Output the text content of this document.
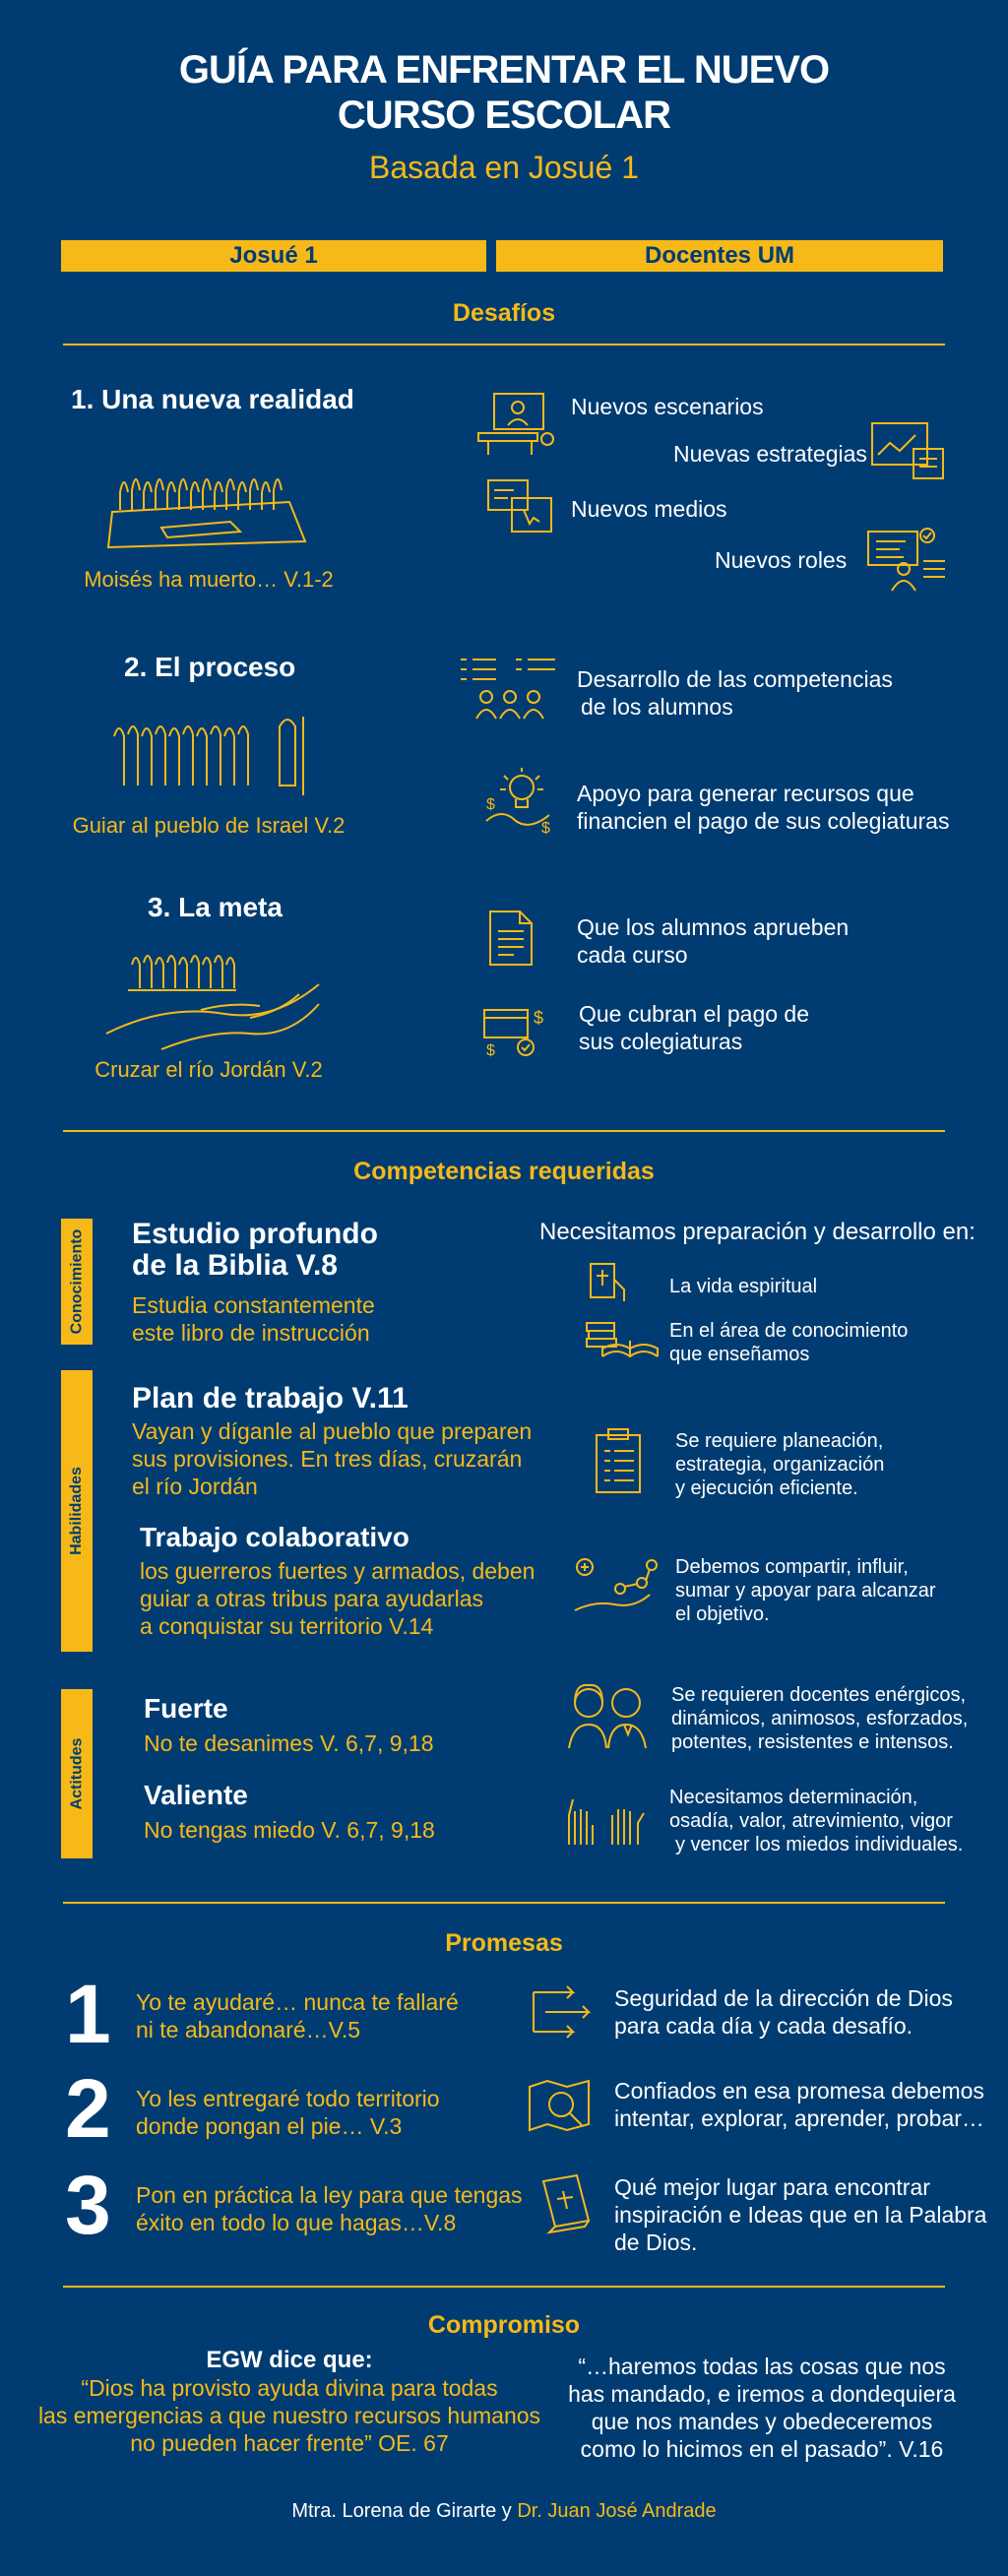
GUÍA PARA ENFRENTAR EL NUEVO
CURSO ESCOLAR
Basada en Josué 1
Josué 1	Docentes UM
Desafíos
1. Una nueva realidad
Moisés ha muerto… V.1-2
Nuevos escenarios
Nuevas estrategias
Nuevos medios
Nuevos roles
2. El proceso
Guiar al pueblo de Israel V.2
Desarrollo de las competencias
de los alumnos
$
$
Apoyo para generar recursos que
financien el pago de sus colegiaturas
3. La meta
Cruzar el río Jordán V.2
Que los alumnos aprueben
cada curso
$
$
Que cubran el pago de
sus colegiaturas
Competencias requeridas
Conocimiento
Habilidades
Actitudes
Estudio profundo
de la Biblia V.8
Estudia constantemente
este libro de instrucción
Plan de trabajo V.11
Vayan y díganle al pueblo que preparen
sus provisiones. En tres días, cruzarán
el río Jordán
Trabajo colaborativo
los guerreros fuertes y armados, deben
guiar a otras tribus para ayudarlas
a conquistar su territorio V.14
Fuerte
No te desanimes V. 6,7, 9,18
Valiente
No tengas miedo V. 6,7, 9,18
Necesitamos preparación y desarrollo en:
La vida espiritual
En el área de conocimiento
que enseñamos
Se requiere planeación,
estrategia, organización
y ejecución eficiente.
Debemos compartir, influir,
sumar y apoyar para alcanzar
el objetivo.
Se requieren docentes enérgicos,
dinámicos, animosos, esforzados,
potentes, resistentes e intensos.
Necesitamos determinación,
osadía, valor, atrevimiento, vigor
y vencer los miedos individuales.
Promesas
1 Yo te ayudaré… nunca te fallaré
ni te abandonaré…V.5
Seguridad de la dirección de Dios
para cada día y cada desafío.
2 Yo les entregaré todo territorio
donde pongan el pie… V.3
Confiados en esa promesa debemos
intentar, explorar, aprender, probar…
3 Pon en práctica la ley para que tengas
éxito en todo lo que hagas…V.8
Qué mejor lugar para encontrar
inspiración e Ideas que en la Palabra
de Dios.
Compromiso
EGW dice que:
“Dios ha provisto ayuda divina para todas
las emergencias a que nuestro recursos humanos
no pueden hacer frente” OE. 67
“…haremos todas las cosas que nos
has mandado, e iremos a dondequiera
que nos mandes y obedeceremos
como lo hicimos en el pasado”. V.16
Mtra. Lorena de Girarte y Dr. Juan José Andrade
